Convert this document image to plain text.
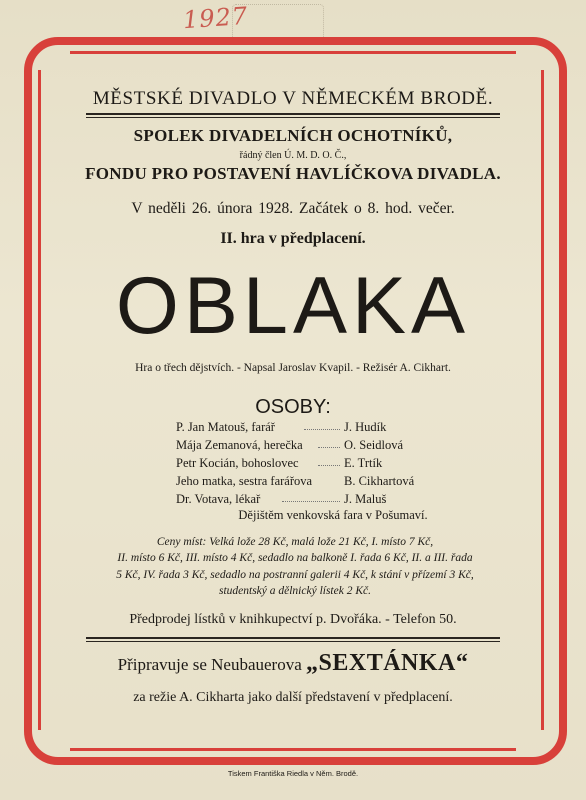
1927
MĚSTSKÉ DIVADLO V NĚMECKÉM BRODĚ.
SPOLEK DIVADELNÍCH OCHOTNÍKŮ,
řádný člen Ú. M. D. O. Č.,
FONDU PRO POSTAVENÍ HAVLÍČKOVA DIVADLA.
V neděli 26. února 1928. Začátek o 8. hod. večer.
II. hra v předplacení.
OBLAKA
Hra o třech dějstvích. - Napsal Jaroslav Kvapil. - Režisér A. Cikhart.
OSOBY:
P. Jan Matouš, farář	J. Hudík
Mája Zemanová, herečka	O. Seidlová
Petr Kocián, bohoslovec	E. Trtík
Jeho matka, sestra farářova	B. Cikhartová
Dr. Votava, lékař	J. Maluš
Dějištěm venkovská fara v Pošumaví.
Ceny míst: Velká lože 28 Kč, malá lože 21 Kč, I. místo 7 Kč,
II. místo 6 Kč, III. místo 4 Kč, sedadlo na balkoně I. řada 6 Kč, II. a III. řada
5 Kč, IV. řada 3 Kč, sedadlo na postranní galerii 4 Kč, k stání v přízemí 3 Kč,
studentský a dělnický lístek 2 Kč.
Předprodej lístků v knihkupectví p. Dvořáka. - Telefon 50.
Připravuje se Neubauerova „SEXTÁNKA“
za režie A. Cikharta jako další představení v předplacení.
Tiskem Františka Riedla v Něm. Brodě.
